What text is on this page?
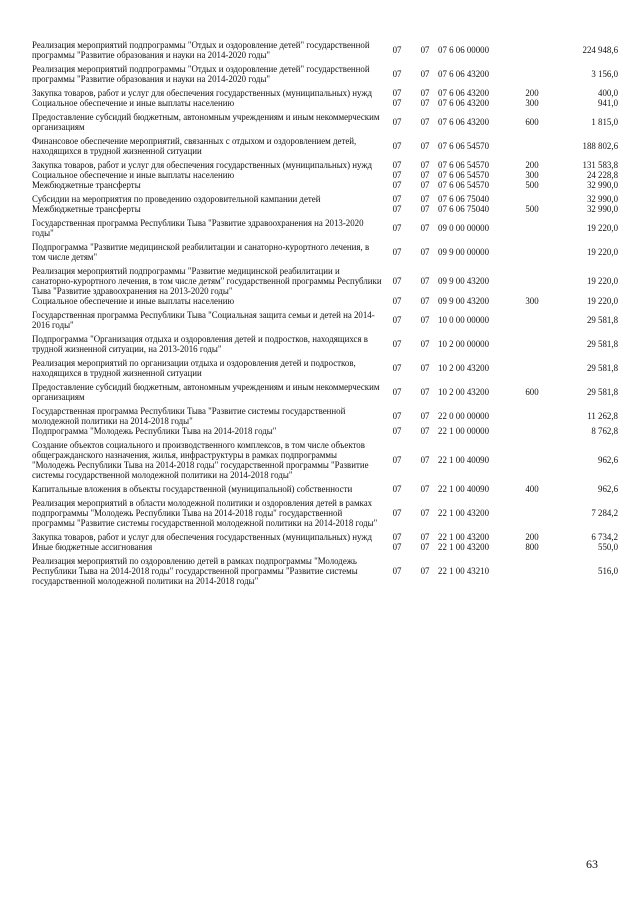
Реализация мероприятий подпрограммы "Отдых и оздоровление детей" государственной программы "Развитие образования и науки на 2014-2020 годы"	07	07	07 6 06 00000		224 948,6

Реализация мероприятий подпрограммы "Отдых и оздоровление детей" государственной программы "Развитие образования и науки на 2014-2020 годы"	07	07	07 6 06 43200		3 156,0

Закупка товаров, работ и услуг для обеспечения государственных (муниципальных) нужд	07	07	07 6 06 43200	200	400,0
Социальное обеспечение и иные выплаты населению	07	07	07 6 06 43200	300	941,0

Предоставление субсидий бюджетным, автономным учреждениям и иным некоммерческим организациям	07	07	07 6 06 43200	600	1 815,0

Финансовое обеспечение мероприятий, связанных с отдыхом и оздоровлением детей, находящихся в трудной жизненной ситуации	07	07	07 6 06 54570		188 802,6

Закупка товаров, работ и услуг для обеспечения государственных (муниципальных) нужд	07	07	07 6 06 54570	200	131 583,8
Социальное обеспечение и иные выплаты населению	07	07	07 6 06 54570	300	24 228,8
Межбюджетные трансферты	07	07	07 6 06 54570	500	32 990,0

Субсидии на мероприятия по проведению оздоровительной кампании детей	07	07	07 6 06 75040		32 990,0
Межбюджетные трансферты	07	07	07 6 06 75040	500	32 990,0

Государственная программа Республики Тыва "Развитие здравоохранения на 2013-2020 годы"	07	07	09 0 00 00000		19 220,0

Подпрограмма "Развитие медицинской реабилитации и санаторно-курортного лечения, в том числе детям"	07	07	09 9 00 00000		19 220,0

Реализация мероприятий подпрограммы "Развитие медицинской реабилитации и санаторно-курортного лечения, в том числе детям" государственной программы Республики Тыва "Развитие здравоохранения на 2013-2020 годы"	07	07	09 9 00 43200		19 220,0
Социальное обеспечение и иные выплаты населению	07	07	09 9 00 43200	300	19 220,0

Государственная программа Республики Тыва "Социальная защита семьи и детей на 2014-2016 годы"	07	07	10 0 00 00000		29 581,8

Подпрограмма "Организация отдыха и оздоровления детей и подростков, находящихся в трудной жизненной ситуации, на 2013-2016 годы"	07	07	10 2 00 00000		29 581,8

Реализация мероприятий по организации отдыха и оздоровления детей и подростков, находящихся в трудной жизненной ситуации	07	07	10 2 00 43200		29 581,8

Предоставление субсидий бюджетным, автономным учреждениям и иным некоммерческим организациям	07	07	10 2 00 43200	600	29 581,8

Государственная программа Республики Тыва "Развитие системы государственной молодежной политики на 2014-2018 годы"	07	07	22 0 00 00000		11 262,8
Подпрограмма "Молодежь Республики Тыва на 2014-2018 годы"	07	07	22 1 00 00000		8 762,8

Создание объектов социального и производственного комплексов, в том числе объектов общегражданского назначения, жилья, инфраструктуры в рамках подпрограммы "Молодежь Республики Тыва на 2014-2018 годы" государственной программы "Развитие системы государственной молодежной политики на 2014-2018 годы"	07	07	22 1 00 40090		962,6

Капитальные вложения в объекты государственной (муниципальной) собственности	07	07	22 1 00 40090	400	962,6

Реализация мероприятий в области молодежной политики и оздоровления детей в рамках подпрограммы "Молодежь Республики Тыва на 2014-2018 годы" государственной программы "Развитие системы государственной молодежной политики на 2014-2018 годы"	07	07	22 1 00 43200		7 284,2

Закупка товаров, работ и услуг для обеспечения государственных (муниципальных) нужд	07	07	22 1 00 43200	200	6 734,2
Иные бюджетные ассигнования	07	07	22 1 00 43200	800	550,0

Реализация мероприятий по оздоровлению детей в рамках подпрограммы "Молодежь Республики Тыва на 2014-2018 годы" государственной программы "Развитие системы государственной молодежной политики на 2014-2018 годы"	07	07	22 1 00 43210		516,0
63
